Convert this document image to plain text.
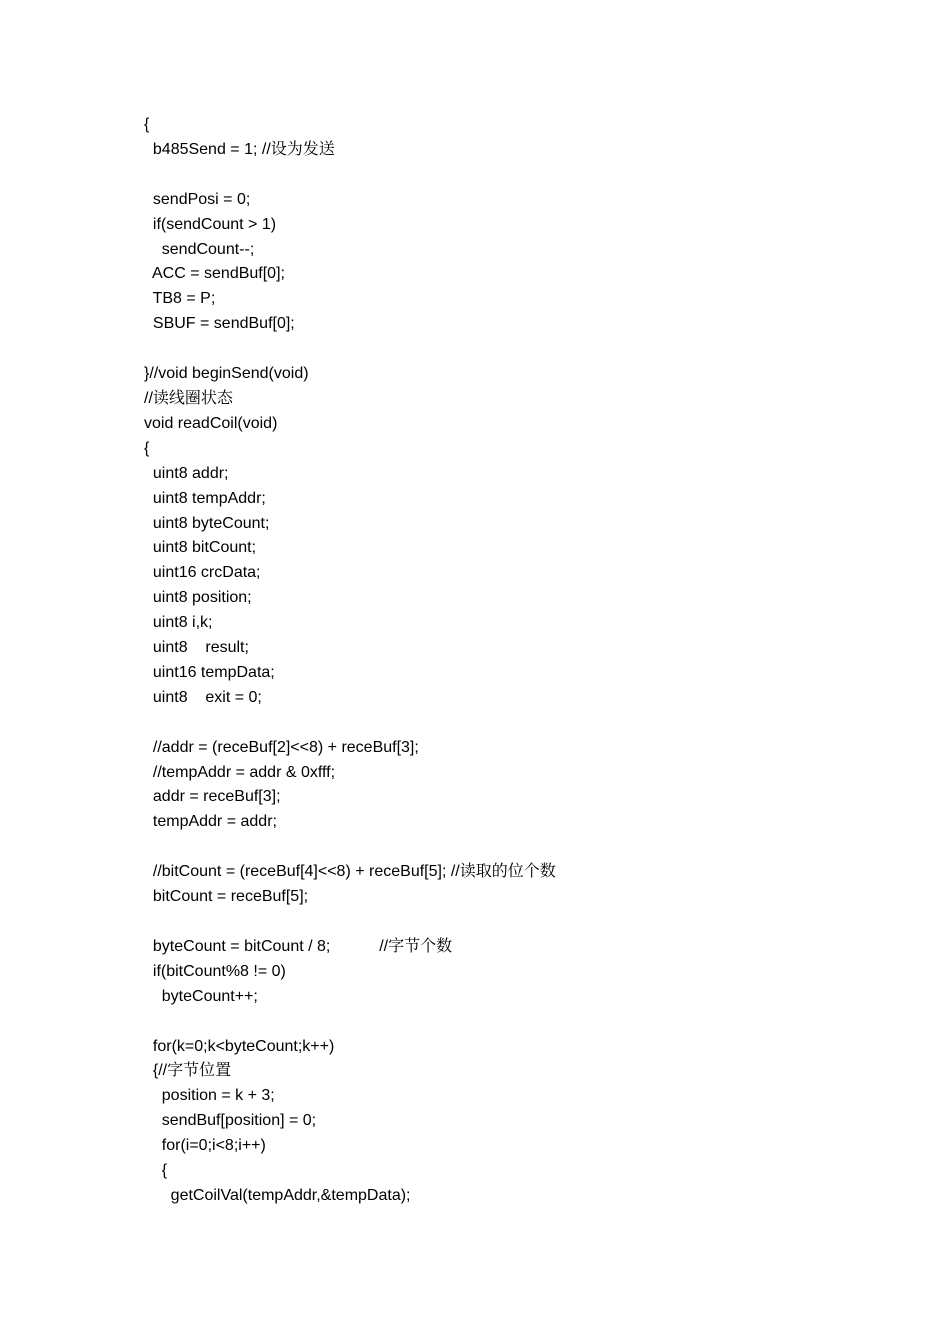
{
b485Send = 1; //设为发送
sendPosi = 0;
if(sendCount > 1)
sendCount--;
ACC = sendBuf[0];
TB8 = P;
SBUF = sendBuf[0];
}//void beginSend(void)
//读线圈状态
void readCoil(void)
{
uint8 addr;
uint8 tempAddr;
uint8 byteCount;
uint8 bitCount;
uint16 crcData;
uint8 position;
uint8 i,k;
uint8    result;
uint16 tempData;
uint8    exit = 0;
//addr = (receBuf[2]<<8) + receBuf[3];
//tempAddr = addr & 0xfff;
addr = receBuf[3];
tempAddr = addr;
//bitCount = (receBuf[4]<<8) + receBuf[5]; //读取的位个数
bitCount = receBuf[5];
byteCount = bitCount / 8;           //字节个数
if(bitCount%8 != 0)
byteCount++;
for(k=0;k<byteCount;k++)
{//字节位置
position = k + 3;
sendBuf[position] = 0;
for(i=0;i<8;i++)
{
getCoilVal(tempAddr,&tempData);
